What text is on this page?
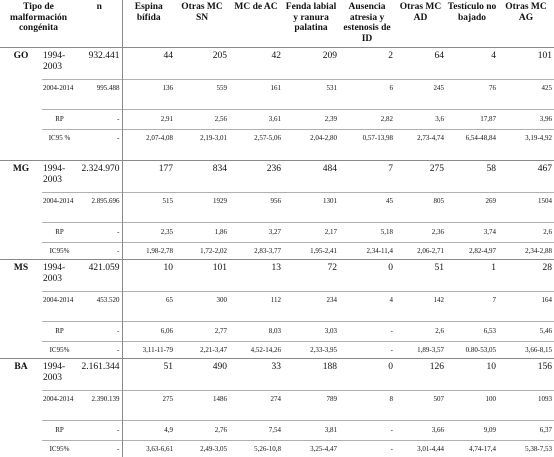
Tipo de malformación congénita		n	Espina bífida	Otras MC SN	MC de AC	Fenda labial y ranura palatina	Ausencia atresia y estenosis de ID	Otras MC AD	Testículo no bajado	Otras MC AG
GO	1994-2003	932.441	44	205	42	209	2	64	4	101
	2004-2014	995.488	136	559	161	531	6	245	76	425
	RP	-	2,91	2,56	3,61	2,39	2,82	3,6	17,87	3,96
	IC95 %	-	2,07-4,08	2,19-3,01	2,57-5,06	2,04-2,80	0,57-13,98	2,73-4,74	6,54-48,84	3,19-4,92
MG	1994-2003	2.324.970	177	834	236	484	7	275	58	467
	2004-2014	2.895.696	515	1929	956	1301	45	805	269	1504
	RP	-	2,35	1,86	3,27	2,17	5,18	2,36	3,74	2,6
	IC95%	-	1,98-2,78	1,72-2,02	2,83-3,77	1,95-2,41	2,34-11,4	2,06-2,71	2,82-4,97	2,34-2,88
MS	1994-2003	421.059	10	101	13	72	0	51	1	28
	2004-2014	453.520	65	300	112	234	4	142	7	164
	RP	-	6,06	2,77	8,03	3,03	-	2,6	6,53	5,46
	IC95%	-	3,11-11-79	2,21-3,47	4,52-14,26	2,33-3,95	-	1,89-3,57	0.80-53,05	3,66-8,15
BA	1994-2003	2.161.344	51	490	33	188	0	126	10	156
	2004-2014	2.390.139	275	1486	274	789	8	507	100	1093
	RP	-	4,9	2,76	7,54	3,81	-	3,66	9,09	6,37
	IC95%	-	3,63-6,61	2,49-3,05	5,26-10,8	3,25-4,47	-	3,01-4,44	4,74-17,4	5,38-7,53
